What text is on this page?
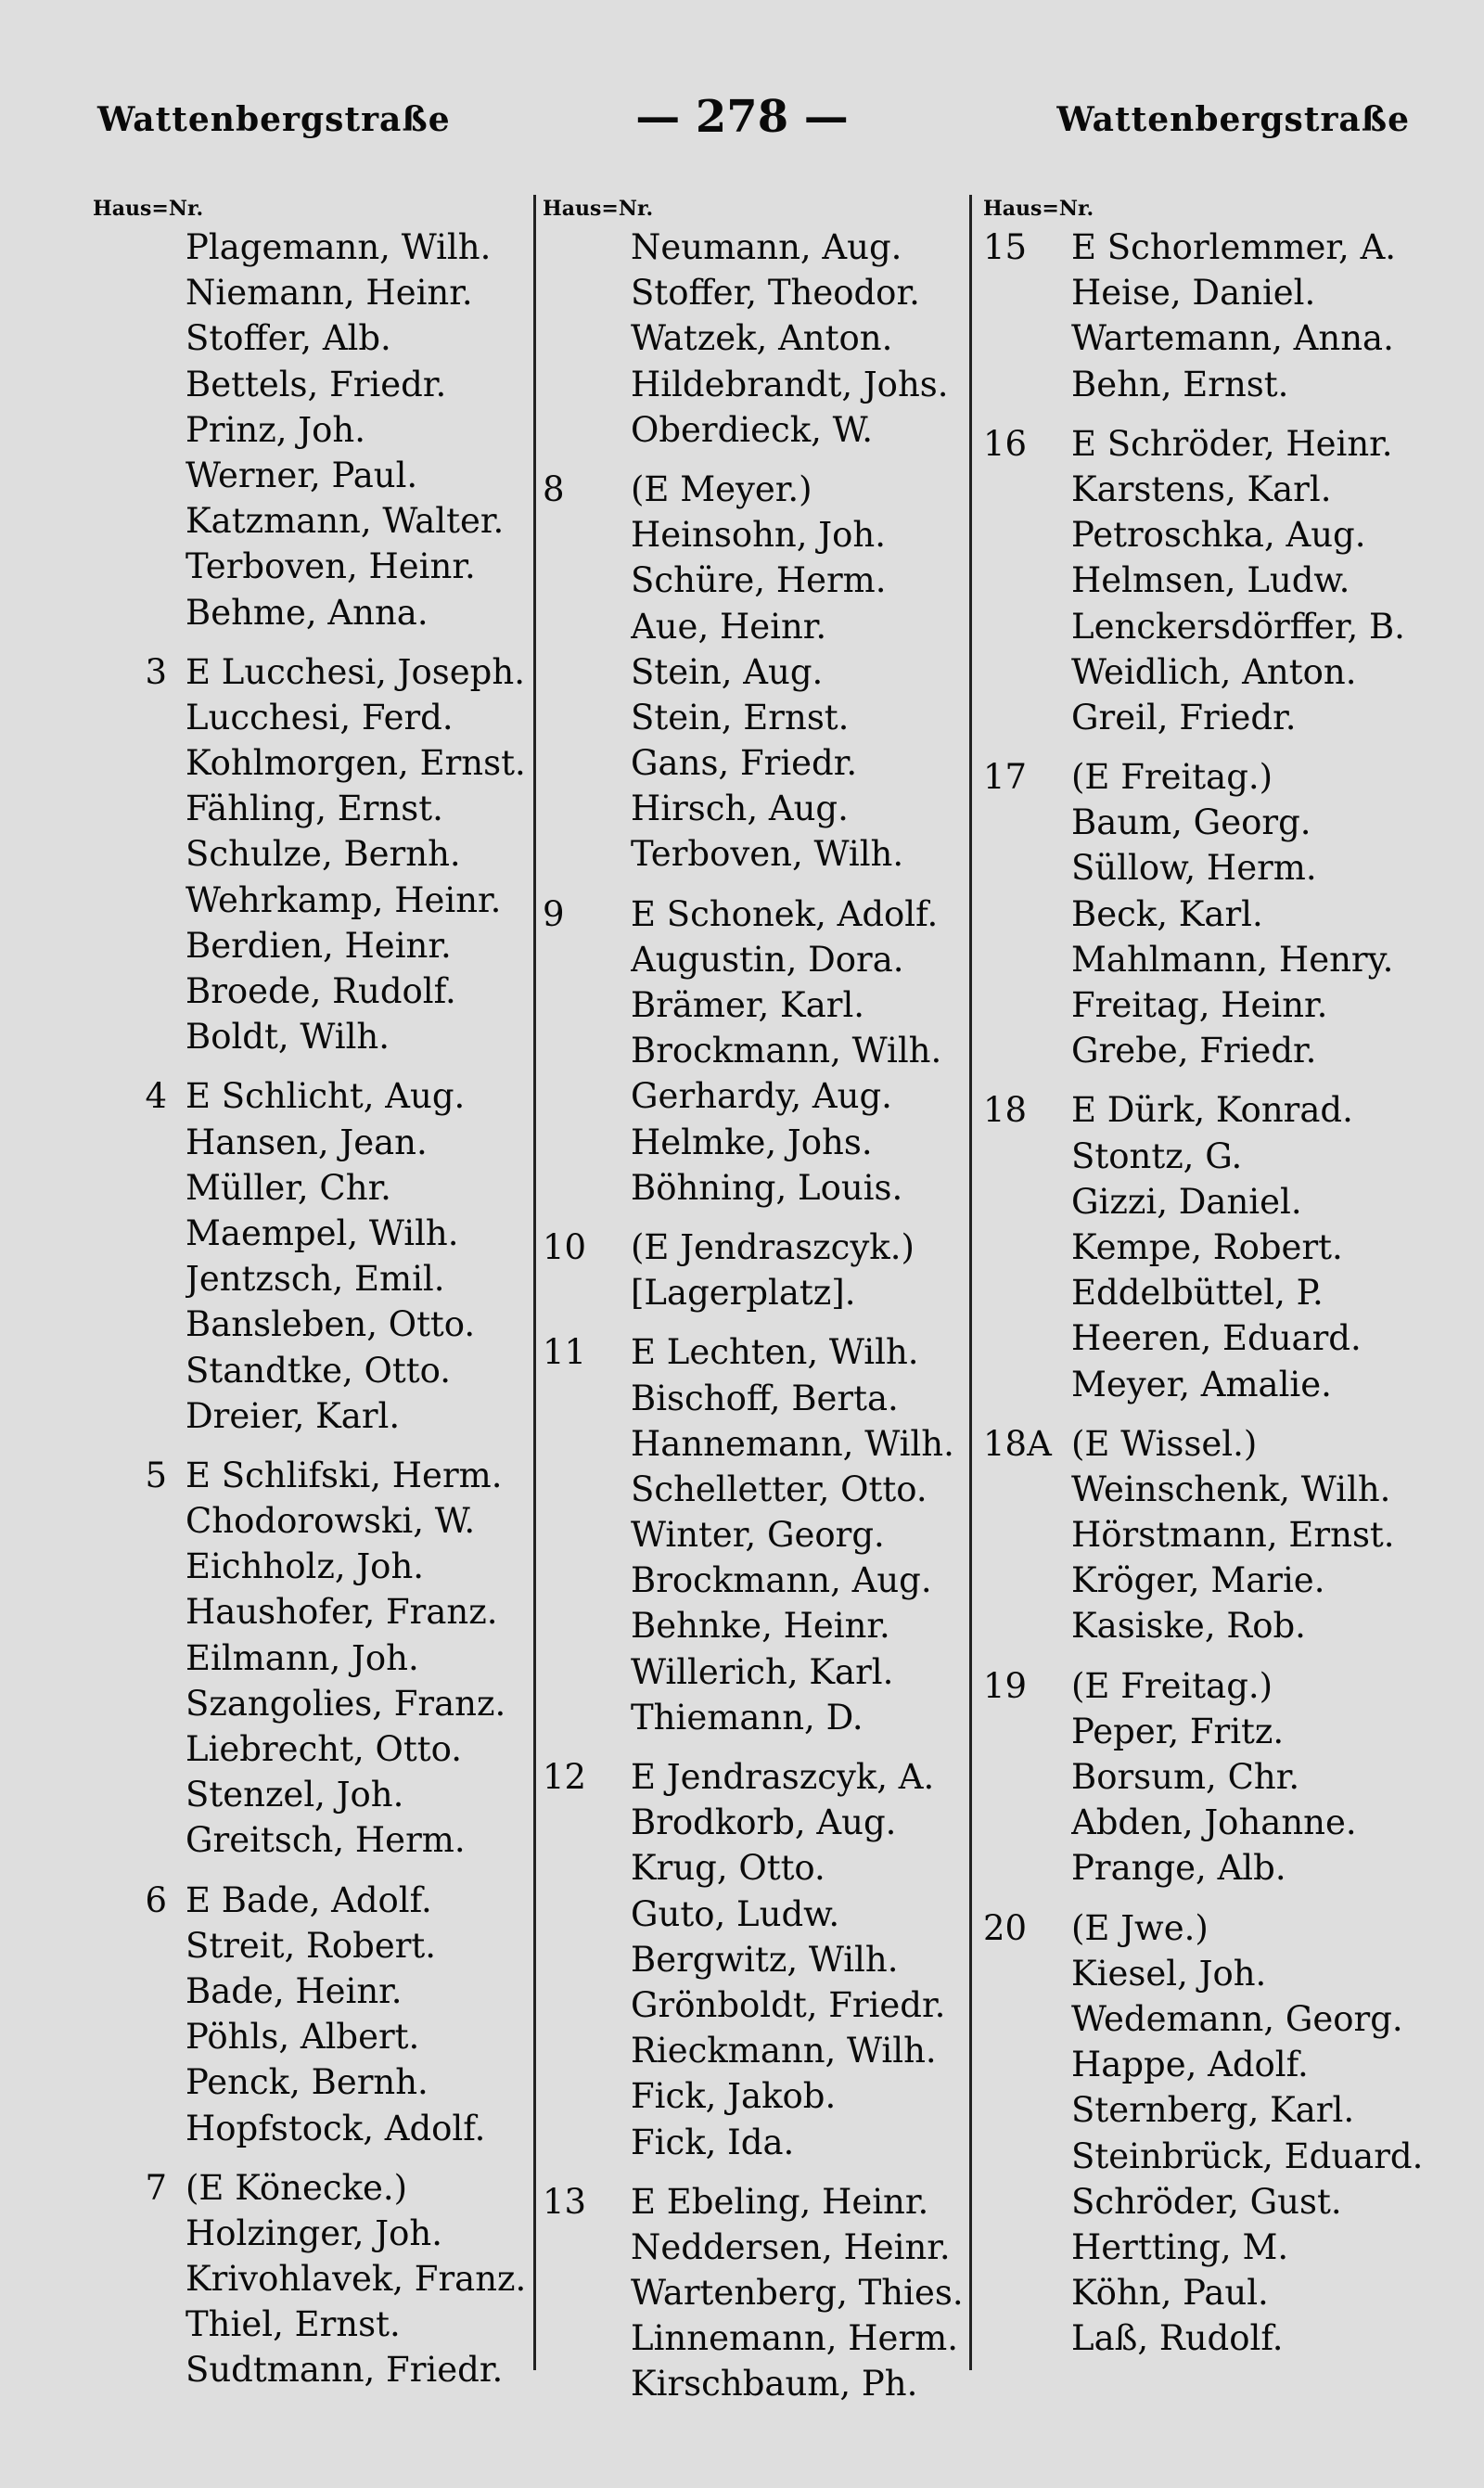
Wattenbergstraße	— 278 —	Wattenbergstraße
Haus=Nr.
Plagemann, Wilh.
Niemann, Heinr.
Stoffer, Alb.
Bettels, Friedr.
Prinz, Joh.
Werner, Paul.
Katzmann, Walter.
Terboven, Heinr.
Behme, Anna.
3 E Lucchesi, Joseph.
Lucchesi, Ferd.
Kohlmorgen, Ernst.
Fähling, Ernst.
Schulze, Bernh.
Wehrkamp, Heinr.
Berdien, Heinr.
Broede, Rudolf.
Boldt, Wilh.
4 E Schlicht, Aug.
Hansen, Jean.
Müller, Chr.
Maempel, Wilh.
Jentzsch, Emil.
Bansleben, Otto.
Standtke, Otto.
Dreier, Karl.
5 E Schlifski, Herm.
Chodorowski, W.
Eichholz, Joh.
Haushofer, Franz.
Eilmann, Joh.
Szangolies, Franz.
Liebrecht, Otto.
Stenzel, Joh.
Greitsch, Herm.
6 E Bade, Adolf.
Streit, Robert.
Bade, Heinr.
Pöhls, Albert.
Penck, Bernh.
Hopfstock, Adolf.
7 (E Könecke.)
Holzinger, Joh.
Krivohlavek, Franz.
Thiel, Ernst.
Sudtmann, Friedr.
Haus=Nr.
Neumann, Aug.
Stoffer, Theodor.
Watzek, Anton.
Hildebrandt, Johs.
Oberdieck, W.
8	(E Meyer.)
Heinsohn, Joh.
Schüre, Herm.
Aue, Heinr.
Stein, Aug.
Stein, Ernst.
Gans, Friedr.
Hirsch, Aug.
Terboven, Wilh.
9	E Schonek, Adolf.
Augustin, Dora.
Brämer, Karl.
Brockmann, Wilh.
Gerhardy, Aug.
Helmke, Johs.
Böhning, Louis.
10	(E Jendraszcyk.)
[Lagerplatz].
11	E Lechten, Wilh.
Bischoff, Berta.
Hannemann, Wilh.
Schelletter, Otto.
Winter, Georg.
Brockmann, Aug.
Behnke, Heinr.
Willerich, Karl.
Thiemann, D.
12	E Jendraszcyk, A.
Brodkorb, Aug.
Krug, Otto.
Guto, Ludw.
Bergwitz, Wilh.
Grönboldt, Friedr.
Rieckmann, Wilh.
Fick, Jakob.
Fick, Ida.
13	E Ebeling, Heinr.
Neddersen, Heinr.
Wartenberg, Thies.
Linnemann, Herm.
Kirschbaum, Ph.
Haus=Nr.
15	E Schorlemmer, A.
Heise, Daniel.
Wartemann, Anna.
Behn, Ernst.
16	E Schröder, Heinr.
Karstens, Karl.
Petroschka, Aug.
Helmsen, Ludw.
Lenckersdörffer, B.
Weidlich, Anton.
Greil, Friedr.
17	(E Freitag.)
Baum, Georg.
Süllow, Herm.
Beck, Karl.
Mahlmann, Henry.
Freitag, Heinr.
Grebe, Friedr.
18	E Dürk, Konrad.
Stontz, G.
Gizzi, Daniel.
Kempe, Robert.
Eddelbüttel, P.
Heeren, Eduard.
Meyer, Amalie.
18A (E Wissel.)
Weinschenk, Wilh.
Hörstmann, Ernst.
Kröger, Marie.
Kasiske, Rob.
19	(E Freitag.)
Peper, Fritz.
Borsum, Chr.
Abden, Johanne.
Prange, Alb.
20	(E Jwe.)
Kiesel, Joh.
Wedemann, Georg.
Happe, Adolf.
Sternberg, Karl.
Steinbrück, Eduard.
Schröder, Gust.
Hertting, M.
Köhn, Paul.
Laß, Rudolf.
